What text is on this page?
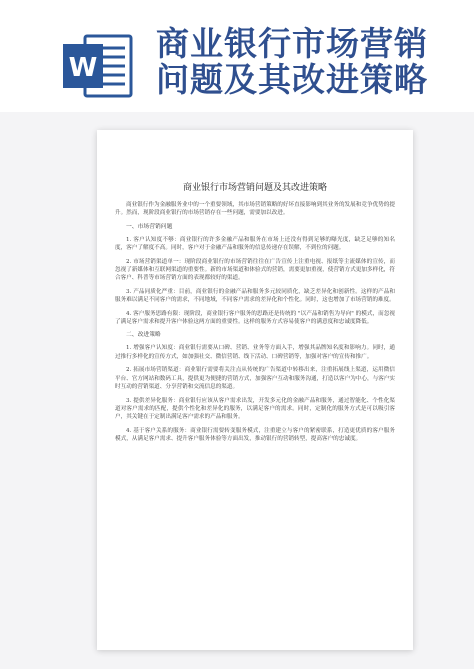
W
商业银行市场营销
问题及其改进策略
商业银行市场营销问题及其改进策略

商业银行作为金融服务业中的一个重要领域，其市场营销策略的好坏直接影响到其业务的发展和竞争优势的提升。然而，现阶段商业银行的市场营销存在一些问题，需要加以改进。

一、市场营销问题

1. 客户认知度不够：商业银行的许多金融产品和服务在市场上还没有得到足够的曝光度，缺乏足够的知名度，客户了解度不高。同时，客户对于金融产品和服务的信息传递存在误解，不到位的问题。

2. 市场营销渠道单一：现阶段商业银行的市场营销往往在广告宣传上注重电视、报纸等主流媒体的宣传，而忽视了新媒体和互联网渠道的重要性。新的市场渠道和体验式的营销，需要更加重视，使营销方式更加多样化，符合客户、科普等市场营销方面的表现都较好的渠道。

3. 产品同质化严重：目前，商业银行的金融产品和服务多元较同质化，缺乏差异化和创新性。这样的产品和服务难以满足不同客户的需求，不同地域，不同客户需求的差异化和个性化。同时，这也增加了市场营销的难度。

4. 客户服务思路有限：现阶段，商业银行客户服务的思路还是传统的 "以产品和销售为导向" 的模式，而忽视了满足客户需求和提升客户体验这两方面的重要性。这样的服务方式容易使客户的满意度和忠诚度降低。

二、改进策略

1. 增强客户认知度：商业银行需要从口碑、营销、业务等方面入手，增强其品牌知名度和影响力。同时，通过推行多样化的宣传方式，如加强社交、微信营销、线下活动、口碑营销等，加强对客户的宣传和推广。

2. 拓展市场营销渠道：商业银行需要将关注点从传统的广告渠道中转移出来，注重拓展线上渠道，运用微信平台、官方网站和数码工具，提供更为便捷的营销方式，加强客户互动和服务沟通，打造以客户为中心，与客户实时互动的营销渠道、分享营销和交流信息的渠道。

3. 提供差异化服务：商业银行应该从客户需求出发，开发多元化的金融产品和服务，通过智能化、个性化渠道对客户需求的匹配，提供个性化和差异化的服务，以满足客户的需求。同时，定制化的服务方式是可以吸引客户，其关键在于定制出满足客户需求的产品和服务。

4. 基于客户关系的服务：商业银行需要转变服务模式，注重建立与客户的紧密联系，打造更优质的客户服务模式，从满足客户需求、提升客户服务体验等方面出发，推动银行的营销转型，提高客户的忠诚度。
